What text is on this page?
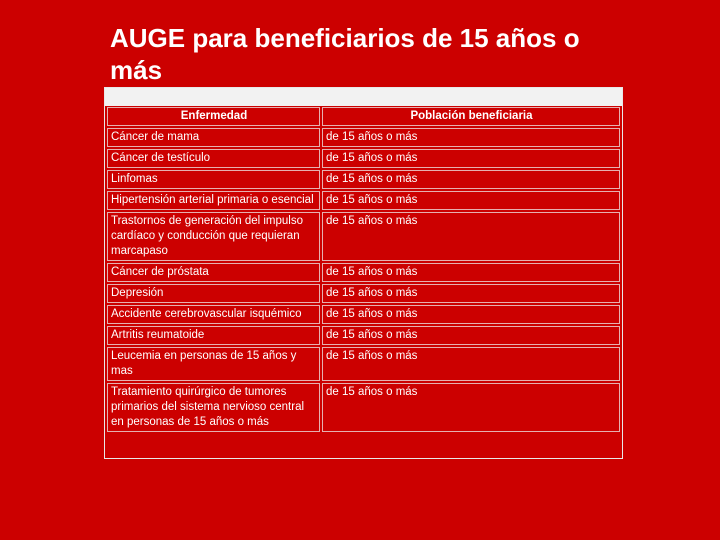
AUGE para beneficiarios de 15 años o más
Enfermedad	Población beneficiaria
Cáncer de mama	de 15 años o más
Cáncer de testículo	de 15 años o más
Linfomas	de 15 años o más
Hipertensión arterial primaria o esencial	de 15 años o más
Trastornos de generación del impulso cardíaco y conducción que requieran marcapaso	de 15 años o más
Cáncer de próstata	de 15 años o más
Depresión	de 15 años o más
Accidente cerebrovascular isquémico	de 15 años o más
Artritis reumatoide	de 15 años o más
Leucemia en personas de 15 años y mas	de 15 años o más
Tratamiento quirúrgico de tumores primarios del sistema nervioso central en personas de 15 años o más	de 15 años o más
